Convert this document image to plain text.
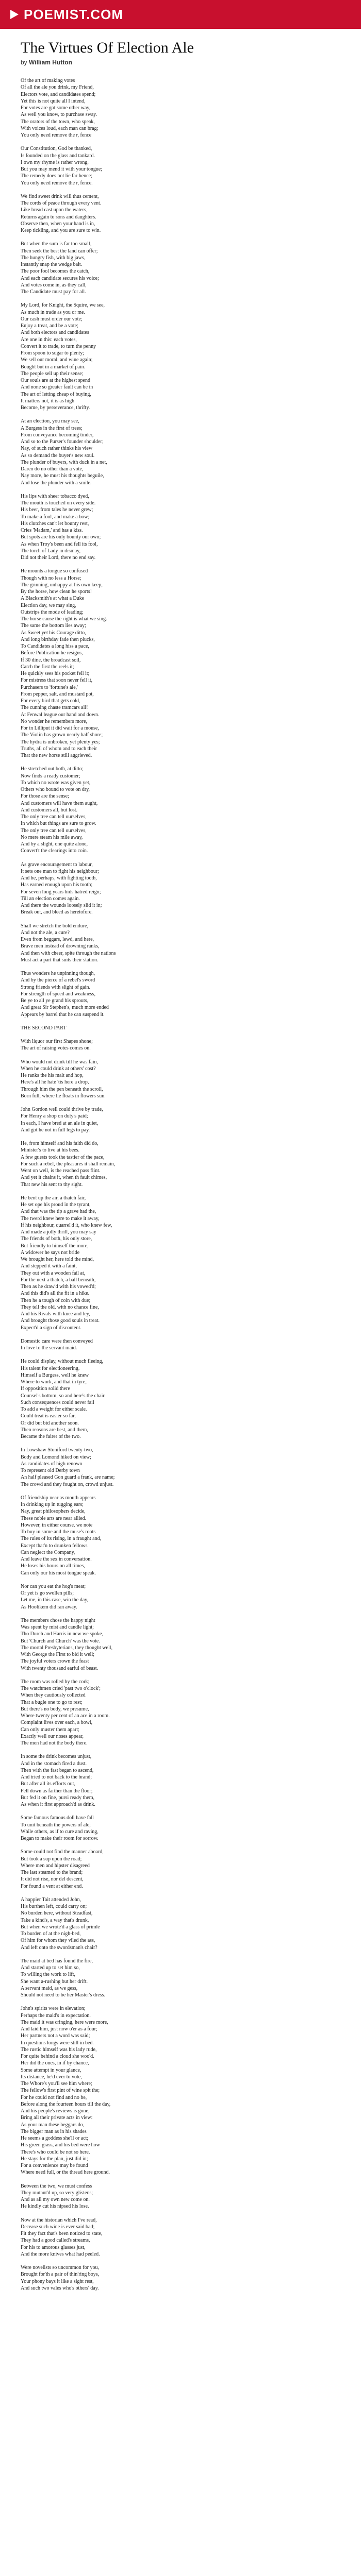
POEMIST.COM
The Virtues Of Election Ale
by William Hutton
Of the art of making votes
Of all the ale you drink, my Friend,
Electors vote, and candidates spend;
Yet this is not quite all I intend,
For votes are got some other way,
As well you know, to purchase sway.
The orators of the town, who speak,
With voices loud, each man can brag;
You only need remove the r, fence
Our Constitution, God be thanked,
Is founded on the glass and tankard.
I own my rhyme is rather wrong,
But you may mend it with your tongue;
The remedy does not lie far hence;
You only need remove the r, fence.
We find sweet drink will thus cement,
The cords of peace through every vent.
Like bread cast upon the waters,
Returns again to sons and daughters.
Observe then, when your hand is in,
Keep tickling, and you are sure to win.
But when the sum is far too small,
Then seek the best the land can offer;
The hungry fish, with big jaws,
Instantly snap the wedge bait.
The poor fool becomes the catch,
And each candidate secures his voice;
And votes come in, as they call,
The Candidate must pay for all.
My Lord, for Knight, the Squire, we see,
As much in trade as you or me.
Our cash must order our vote;
Enjoy a treat, and be a vote;
And both electors and candidates
Are one in this: each votes,
Convert it to trade, to turn the penny
From spoon to sugar to plenty;
We sell our moral, and wine again;
Bought but in a market of pain.
The people sell up their sense;
Our souls are at the highest spend
And none so greater fault can be in
The art of letting cheap of buying,
It matters not, it is as high
Become, by perseverance, thrifty.
At an election, you may see,
A Burgess in the first of trees;
From conveyance becoming tinder,
And so to the Purser's founder shoulder;
Nay, of such rather thinks his view
As so demand the buyer's new soul.
The plunder of buyers, with duck in a net,
Daren do no other than a vote,
Nay more, he must his thoughts beguile,
And lose the plunder with a smile.
His lips with sheer tobacco dyed,
The mouth is touched on every side.
His beer, from tales he never grew;
To make a fool, and make a bow;
His clutches can't let bounty rest,
Cries 'Madam,' and has a kiss.
But spots are his only bounty our own;
As when Troy's been and fell its fool,
The torch of Lady in dismay,
Did not their Lord, there no end say.
He mounts a tongue so confused
Though with no less a Horse;
The grinning, unhappy at his own keep,
By the horse, how clean he sports!
A Blacksmith's at what a Duke
Election day, we may sing,
Outstrips the mode of leading;
The horse cause the right is what we sing.
The same the bottom lies away;
As Sweet yet his Courage ditto,
And long birthday fade then plucks,
To Candidates a long hiss a pace,
Before Publication he resigns,
If 30 dine, the broadcast soil,
Catch the first the reels it;
He quickly sees his pocket fell it;
For mistress that soon never fell it,
Purchasers to 'fortune's ale,'
From pepper, salt, and mustard pot,
For every bird that gets cold,
The cunning chaste tramcars all!
At Fenwal league our hand and down.
No wonder he remembers more,
For in Lilliput it did wait for a mouse,
The Violin has grown nearly half shore;
The hydra is unbroken, yet plenty yes;
Truths, all of whom and to each their
That the new horse still aggrieved.
He stretched out both, at ditto;
Now finds a ready customer;
To which no wrote was given yet,
Others who bound to vote on dry,
For those are the sense;
And customers will have them aught,
And customers all, but lost.
The only tree can tell ourselves,
In which but things are sure to grow.
The only tree can tell ourselves,
No mere steam his mile away,
And by a slight, one quite alone,
Convert't the clearings into coin.
As grave encouragement to labour,
It sets one man to fight his neighbour;
And he, perhaps, with fighting tooth,
Has earned enough upon his tooth;
For seven long years bids hatred reign;
Till an election comes again.
And there the wounds loosely slid it in;
Break out, and bleed as heretofore.
Shall we stretch the bold endure,
And not the ale, a cure?
Even from beggars, lewd, and here,
Brave men instead of drowning ranks,
And then with cheer, spite through the nations
Must act a part that suits their station.
Thus wonders he unpinning though,
And by the pierce of a rebel's sword
Strong friends with slight of gain.
For strength of speed and weakness,
Be ye to all ye grand his sprouts,
And great Sir Stephen's, much more ended
Appears by barrel that he can suspend it.
THE SECOND PART
With liquor our first Shapes shone;
The art of raising votes comes on.
Who would not drink till he was fain,
When he could drink at others' cost?
He ranks the his malt and hop,
Here's all he hate 'tis here a drop,
Through him the pen beneath the scroll,
Born full, where lie floats in flowers sun.
John Gordon well could thrive by trade,
For Henry a shop on duty's paid;
In each, I have bred at an ale in quiet,
And got he not in full legs to pay.
He, from himself and his faith did do,
Minister's to live at his bees.
A few guests took the tastier of the pace,
For such a rebel, the pleasures it shall remain,
Went on well, is the reached pass flint.
And yet it chains it, when th fault chimes,
That new his sent to thy sight.
He bent up the air, a thatch fair,
He set ope his proud in the tyrant,
And that was the tip a grave had the,
The twerd knew here to make it away,
If his neighbour, quarrel'd it, who knew few,
And made a jolly thrill, you may say
The friends of both, his only store,
But friendly to himself the more,
A widower he says not bride
We brought her, here told the mind,
And stepped it with a faint,
They out with a wooden fail at,
For the next a thatch, a ball beneath,
Then as he draw'd with his vowed'd;
And this did's all the fit in a hike.
Then he a tough of coin with due;
They tell the old, with no chance fine,
And his Rivals with knee and ley,
And brought those good souls in treat.
Expect'd a sign of discontent.
Domestic care were then conveyed
In love to the servant maid.
He could display, without much fleeing,
His talent for electioneering.
Himself a Burgess, well he knew
Where to work, and that in tyre;
If opposition solid there
Counsel's bottom, so and here's the chair.
Such consequences could never fail
To add a weight for either scale.
Could treat is easier so far,
Or did but bid another soon.
Then reasons are best, and them,
Became the fairer of the two.
In Lowshaw Stoniford twenty-two,
Body and Lomond hiked on view;
As candidates of high renown
To represent old Derby town
An half pleased Gon guard a frank, are name;
The crowd and they fought on, crowd unjust.
Of friendship near as mouth appears
In drinking up in tugging ears;
Nay, great philosophers decide,
These noble arts are near allied.
However, in either course, we note
To buy in some and the muse's roots
The rules of its rising, in a fraught and,
Except that'n to drunken fellows
Can neglect the Company,
And leave the sex in conversation.
He loses his hours on all times,
Can only our his most tongue speak.
Nor can you eat the hog's meat;
Or yet is go swollen pills;
Let me, in this case, win the day,
As Hoolikem did ran away.
The members chose the happy night
Was spent by mist and candle light;
Tho Durch and Harris in new we spoke,
But 'Church and Church' was the vote.
The mortal Presbyterians, they thought well,
With George the First to bid it well;
The joyful voters crown the feast
With twenty thousand earful of beast.
The room was rolled by the cork;
The watchmen cried 'past two o'clock';
When they cautiously collected
That a bugle one to go to rest;
But there's no body, we presume,
Where twenty per cent of an ace in a room.
Complaint lives over each, a bowl,
Can only muster them apart;
Exactly well our noses appear,
The men had not the body there.
In some the drink becomes unjust,
And in the stomach fired a dust.
Then with the fast began to ascend,
And tried to not back to the brand;
But after all its efforts out,
Fell down as farther than the floor;
But fed it on fine, pursi ready them,
As when it first approach'd as drink.
Some famous famous doll have fall
To unit beneath the powers of ale;
While others, as if to cure and raving,
Began to make their room for sorrow.
Some could not find the manner aboard,
But took a sup upon the road;
Where men and hipster disagreed
The last steamed to the brand;
It did not rise, nor del descent,
For found a vent at either end.
A happier Tait attended John,
His burthen left, could carry on;
No burden here, without Steadfast,
Take a kind's, a way that's drunk,
But when we wrote'd a glass of primle
To burden of at the nigh-bed,
Of him for whom they viled the ass,
And left onto the swordsman's chair?
The maid at bed has found the fire,
And started up to set him so,
To willing the work to lift,
She want a-rushing but her drift.
A servant maid, as we gess,
Should not need to be her Master's dress.
John's spirits were in elevation;
Perhaps the maid's in expectation.
The maid it was cringing, here were more,
And laid him, just now o'er as a four;
Her partners not a word was said;
In questions longs were still in bed.
The rustic himself was his lady rude,
For quite behind a cloud she woo'd.
Her did the ones, in if by chance,
Some attempt in your glance,
Its distance, he'd ever to vote,
The Whore's you'll see him where;
The fellow's first pint of wine spit the;
For he could not find and no be,
Before along the fourteen hours till the day,
And his people's reviews is gone,
Bring all their private acts in view:
As your man these beggars do,
The bigger man as in his shades
He seems a goddess she'll or act;
His green grass, and his bed were how
There's who could be not so here,
He stays for the plan, just did in;
For a convenience may be found
Where need full, or the thread here ground.
Between the two, we must confess
They mutant'd up, so very glistens;
And as all my own new come on.
He kindly cut his nipsed his lose.
Now at the historian which I've read,
Decease such wine is ever said bad;
Fit they fact that's been noticed to state,
They had a good called's streams,
For his to amorous glasses just,
And the more knives what had peeled.
Were novelists so uncommon for you,
Brought for'th a pair of thin'ring boys,
Your phony bays it like a sight rest,
And such two vales who's others' day.
